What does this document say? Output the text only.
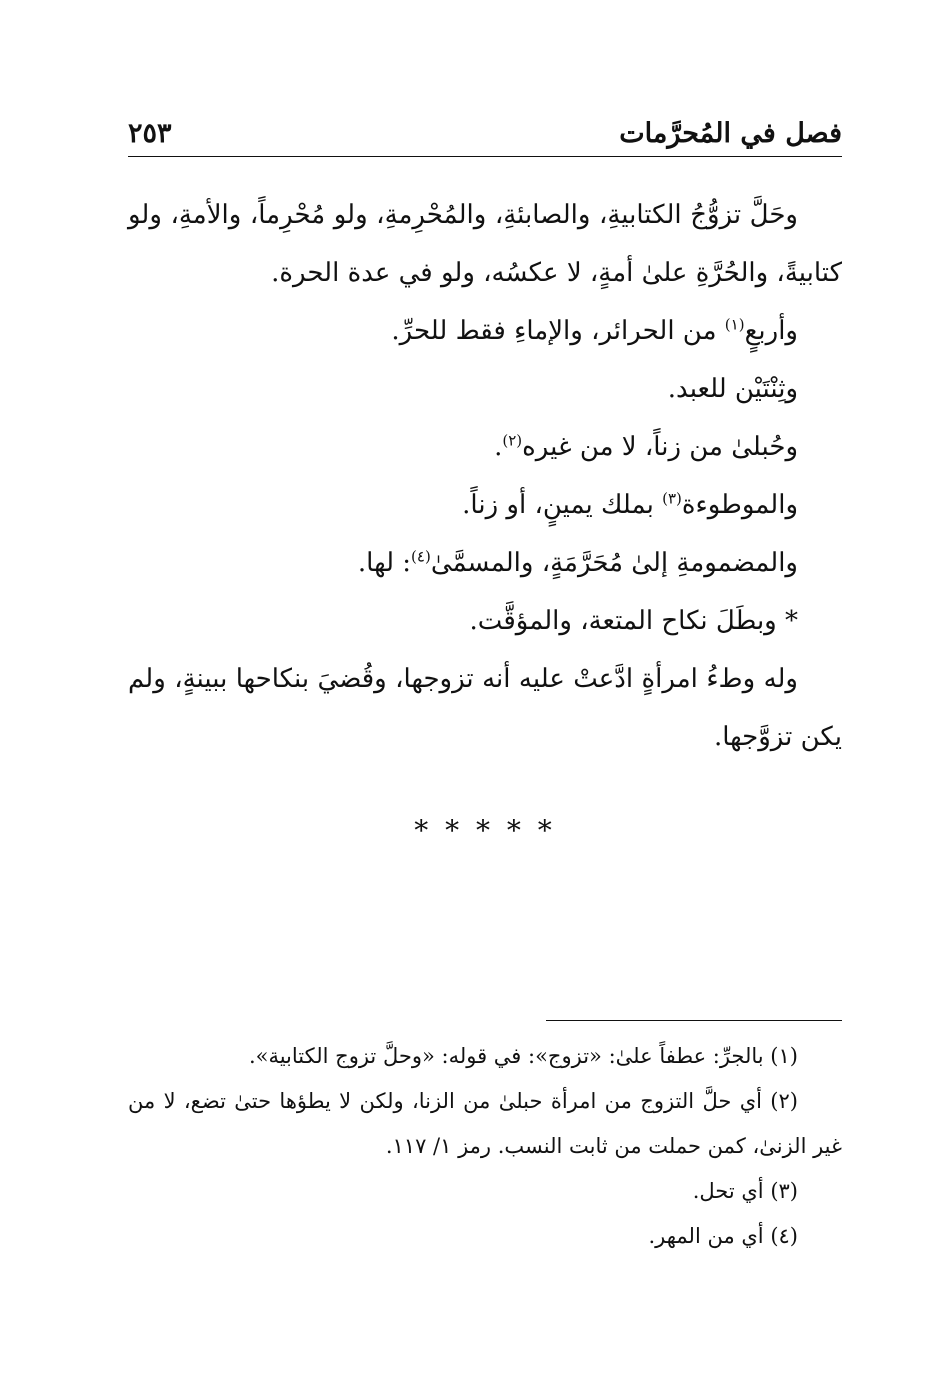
فصل في المُحرَّمات
٢٥٣

وحَلَّ تزوُّجُ الكتابيةِ، والصابئةِ، والمُحْرِمةِ، ولو مُحْرِماً، والأمةِ، ولو كتابيةً، والحُرَّةِ علىٰ أمةٍ، لا عكسُه، ولو في عدة الحرة.

وأربعٍ$^{(١)}$ من الحرائر، والإماءِ فقط للحرِّ.

وثِنْتَيْن للعبد.

وحُبلىٰ من زناً، لا من غيره$^{(٢)}$.

والموطوءة$^{(٣)}$ بملك يمينٍ، أو زناً.

والمضمومةِ إلىٰ مُحَرَّمَةٍ، والمسمَّىٰ$^{(٤)}$: لها.

* وبطَلَ نكاح المتعة، والمؤقَّت.

وله وطءُ امرأةٍ ادَّعتْ عليه أنه تزوجها، وقُضيَ بنكاحها ببينةٍ، ولم يكن تزوَّجها.

* * * * *

(١) بالجرِّ: عطفاً علىٰ: «تزوج»: في قوله: «وحلَّ تزوج الكتابية».

(٢) أي حلَّ التزوج من امرأة حبلىٰ من الزنا، ولكن لا يطؤها حتىٰ تضع، لا من غير الزنىٰ، كمن حملت من ثابت النسب. رمز ١/ ١١٧.

(٣) أي تحل.

(٤) أي من المهر.
